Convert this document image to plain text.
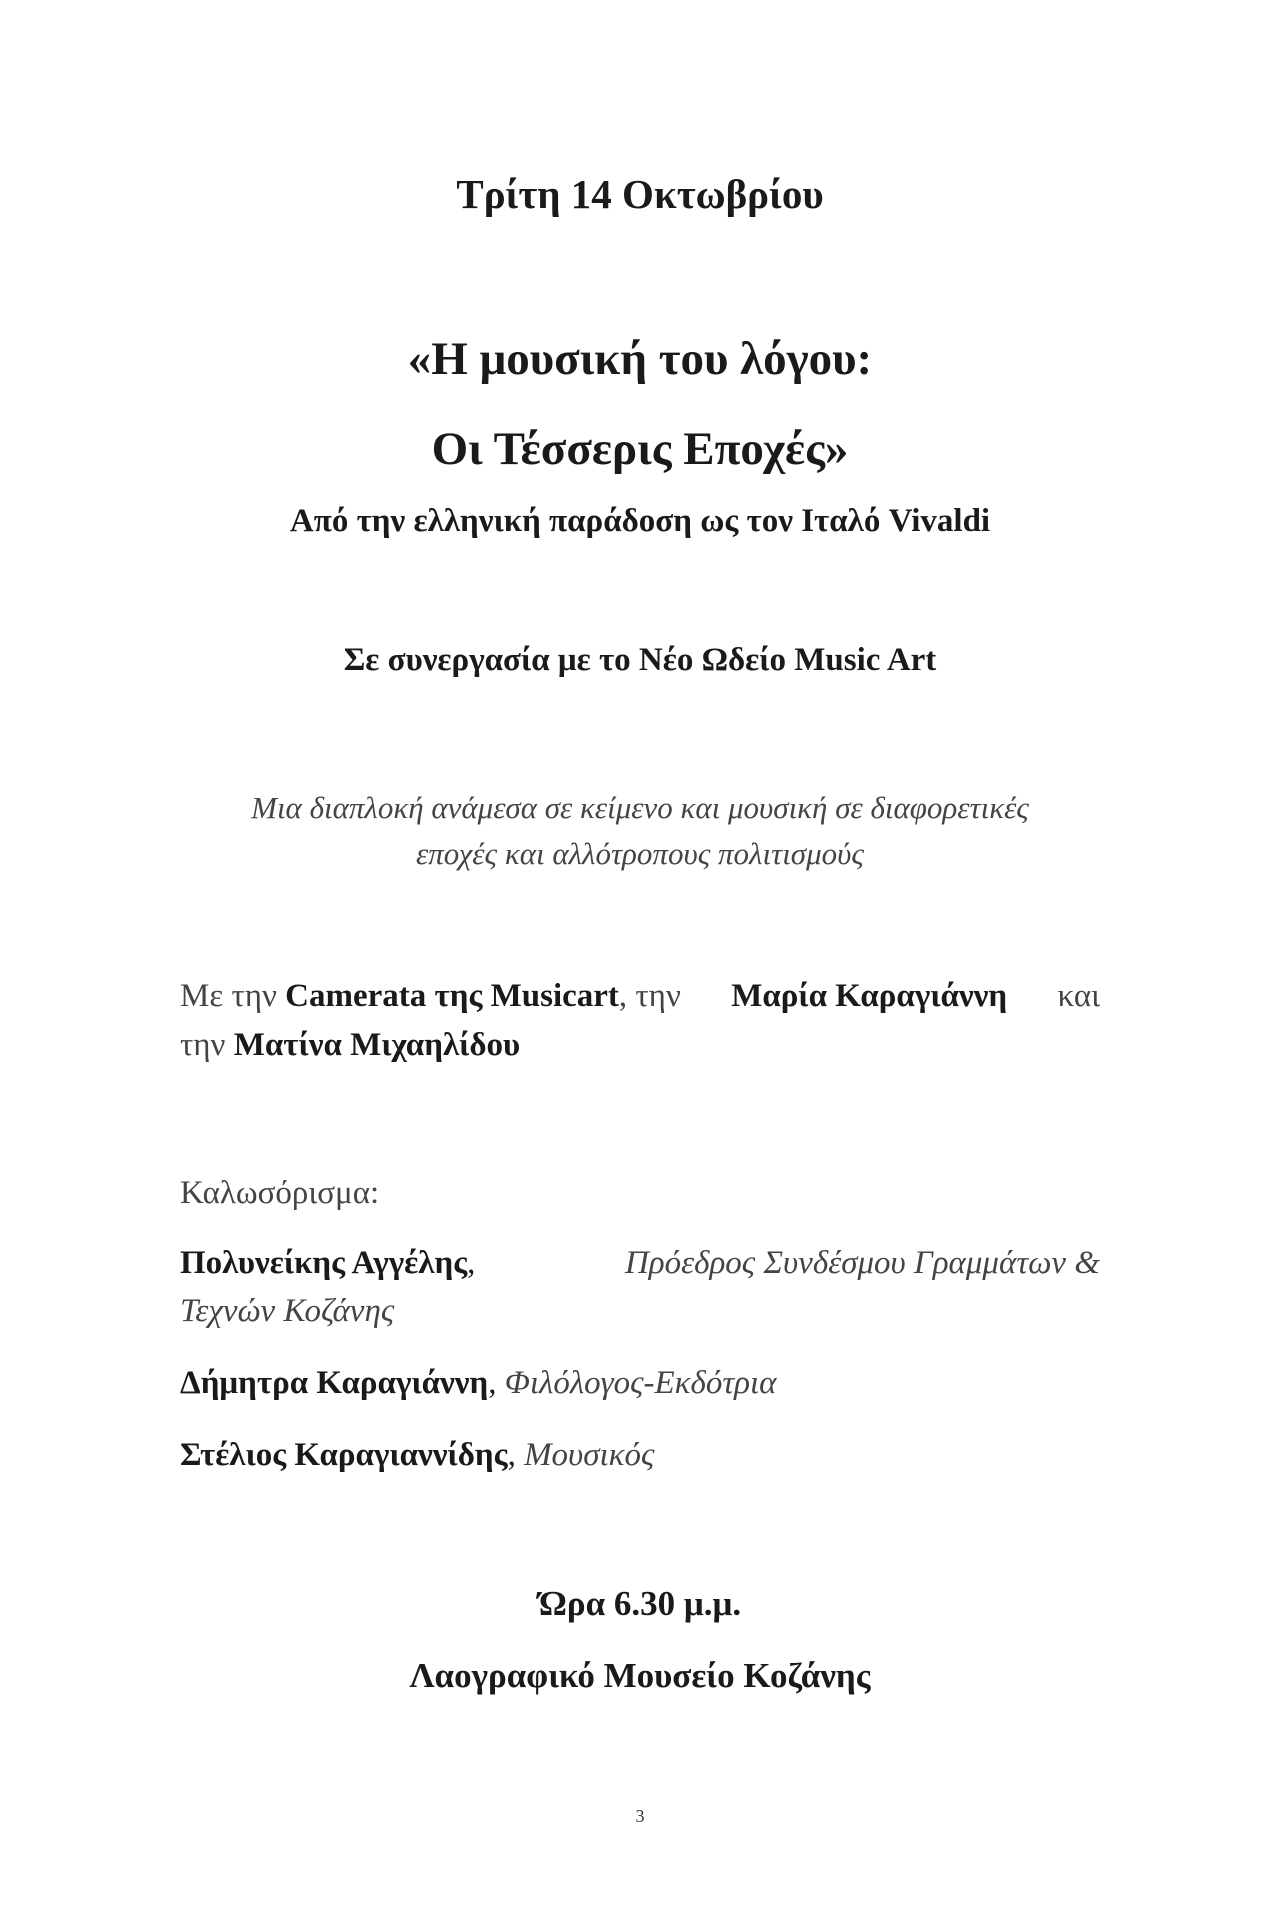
Τρίτη 14 Οκτωβρίου
«Η μουσική του λόγου:
Οι Τέσσερις Εποχές»
Από την ελληνική παράδοση ως τον Ιταλό Vivaldi
Σε συνεργασία με το Νέο Ωδείο Music Art
Μια διαπλοκή ανάμεσα σε κείμενο και μουσική σε διαφορετικές
εποχές και αλλότροπους πολιτισμούς
Με την Camerata της Musicart, την Μαρία Καραγιάννη και
την Ματίνα Μιχαηλίδου
Καλωσόρισμα:
Πολυνείκης Αγγέλης,	Πρόεδρος Συνδέσμου Γραμμάτων &
Τεχνών Κοζάνης
Δήμητρα Καραγιάννη, Φιλόλογος-Εκδότρια
Στέλιος Καραγιαννίδης, Μουσικός
Ώρα 6.30 μ.μ.
Λαογραφικό Μουσείο Κοζάνης
3
